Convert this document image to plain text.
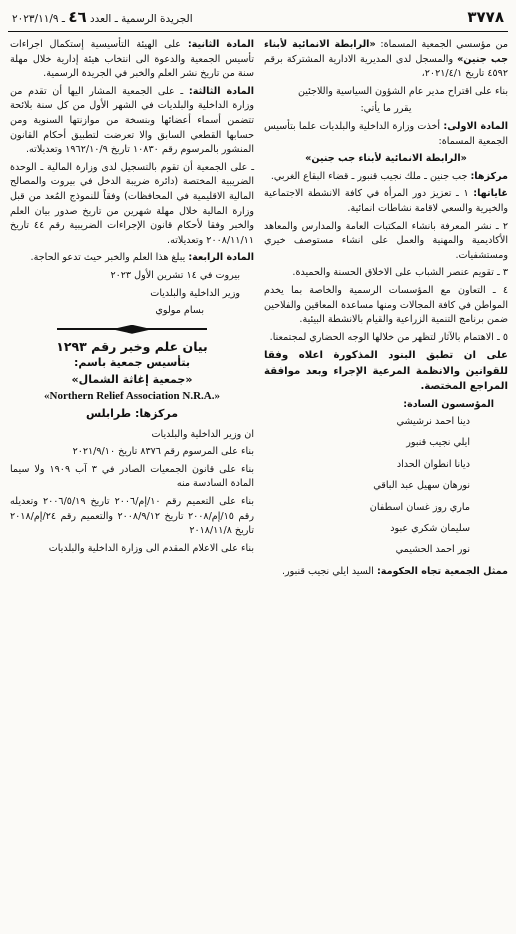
٣٧٧٨
الجريدة الرسمية ـ العدد ٤٦ ـ ٢٠٢٣/١١/٩

من مؤسسي الجمعية المسماة: «الرابطة الانمائية لأبناء جب جنين» والمسجل لدى المديرية الادارية المشتركة برقم ٤٥٩٢ تاريخ ٢٠٢١/٤/١،

بناء على اقتراح مدير عام الشؤون السياسية واللاجئين

يقرر ما يأتي:

المادة الاولى: أخذت وزارة الداخلية والبلديات علما بتأسيس الجمعية المسماة:

«الرابطة الانمائية لأبناء جب جنين»

مركزها: جب جنين ـ ملك نجيب قنبور ـ قضاء البقاع الغربي.

غاياتها: ١ ـ تعزيز دور المرأة في كافة الانشطة الاجتماعية والخيرية والسعي لاقامة نشاطات انمائية.

٢ ـ نشر المعرفة بانشاء المكتبات العامة والمدارس والمعاهد الأكاديمية والمهنية والعمل على انشاء مستوصف خيري ومستشفيات.

٣ ـ تقويم عنصر الشباب على الاخلاق الحسنة والحميدة.

٤ ـ التعاون مع المؤسسات الرسمية والخاصة بما يخدم المواطن في كافة المجالات ومنها مساعدة المعاقين والفلاحين ضمن برنامج التنمية الزراعية والقيام بالانشطة البيئية.

٥ ـ الاهتمام بالآثار لتظهر من خلالها الوجه الحضاري لمجتمعنا.

على ان تطبق البنود المذكورة اعلاه وفقا للقوانين والانظمة المرعية الإجراء وبعد موافقة المراجع المختصة.

المؤسسون السادة:

دينا احمد نرشيشي
ايلي نجيب قنبور
ديانا انطوان الحداد
نورهان سهيل عبد الباقي
ماري روز غسان اسطفان
سليمان شكري عبود
نور احمد الحشيمي

ممثل الجمعية تجاه الحكومة: السيد ايلي نجيب قنبور.

المادة الثانية: على الهيئة التأسيسية إستكمال اجراءات تأسيس الجمعية والدعوة الى انتخاب هيئة إدارية خلال مهلة سنة من تاريخ نشر العلم والخبر في الجريدة الرسمية.

المادة الثالثة: ـ على الجمعية المشار اليها أن تقدم من وزارة الداخلية والبلديات في الشهر الأول من كل سنة بلائحة تتضمن أسماء أعضائها وبنسخة من موازنتها السنوية ومن حسابها القطعي السابق والا تعرضت لتطبيق أحكام القانون المنشور بالمرسوم رقم ١٠٨٣٠ تاريخ ١٩٦٢/١٠/٩ وتعديلاته.

ـ على الجمعية أن تقوم بالتسجيل لدى وزارة المالية ـ الوحدة الضريبية المختصة (دائرة ضريبة الدخل في بيروت والمصالح المالية الاقليمية في المحافظات) وفقاً للنموذج المُعد من قبل وزارة المالية خلال مهلة شهرين من تاريخ صدور بيان العلم والخبر وفقا لأحكام قانون الإجراءات الضريبية رقم ٤٤ تاريخ ٢٠٠٨/١١/١١ وتعديلاته.

المادة الرابعة: يبلغ هذا العلم والخبر حيث تدعو الحاجة.

بيروت في ١٤ تشرين الأول ٢٠٢٣

وزير الداخلية والبلديات

بسام مولوي

بيان علم وخبر رقم ١٢٩٣
بتأسيس جمعية باسم:
«جمعية إغاثة الشمال»
«Northern Relief Association N.R.A.»
مركزها: طرابلس

ان وزير الداخلية والبلديات

بناء على المرسوم رقم ٨٣٧٦ تاريخ ٢٠٢١/٩/١٠

بناء على قانون الجمعيات الصادر في ٣ آب ١٩٠٩ ولا سيما المادة السادسة منه

بناء على التعميم رقم ١٠/إم/٢٠٠٦ تاريخ ٢٠٠٦/٥/١٩ وتعديله رقم ١٥/إم/٢٠٠٨ تاريخ ٢٠٠٨/٩/١٢ والتعميم رقم ٢٤/إم/٢٠١٨ تاريخ ٢٠١٨/١١/٨

بناء على الاعلام المقدم الى وزارة الداخلية والبلديات
